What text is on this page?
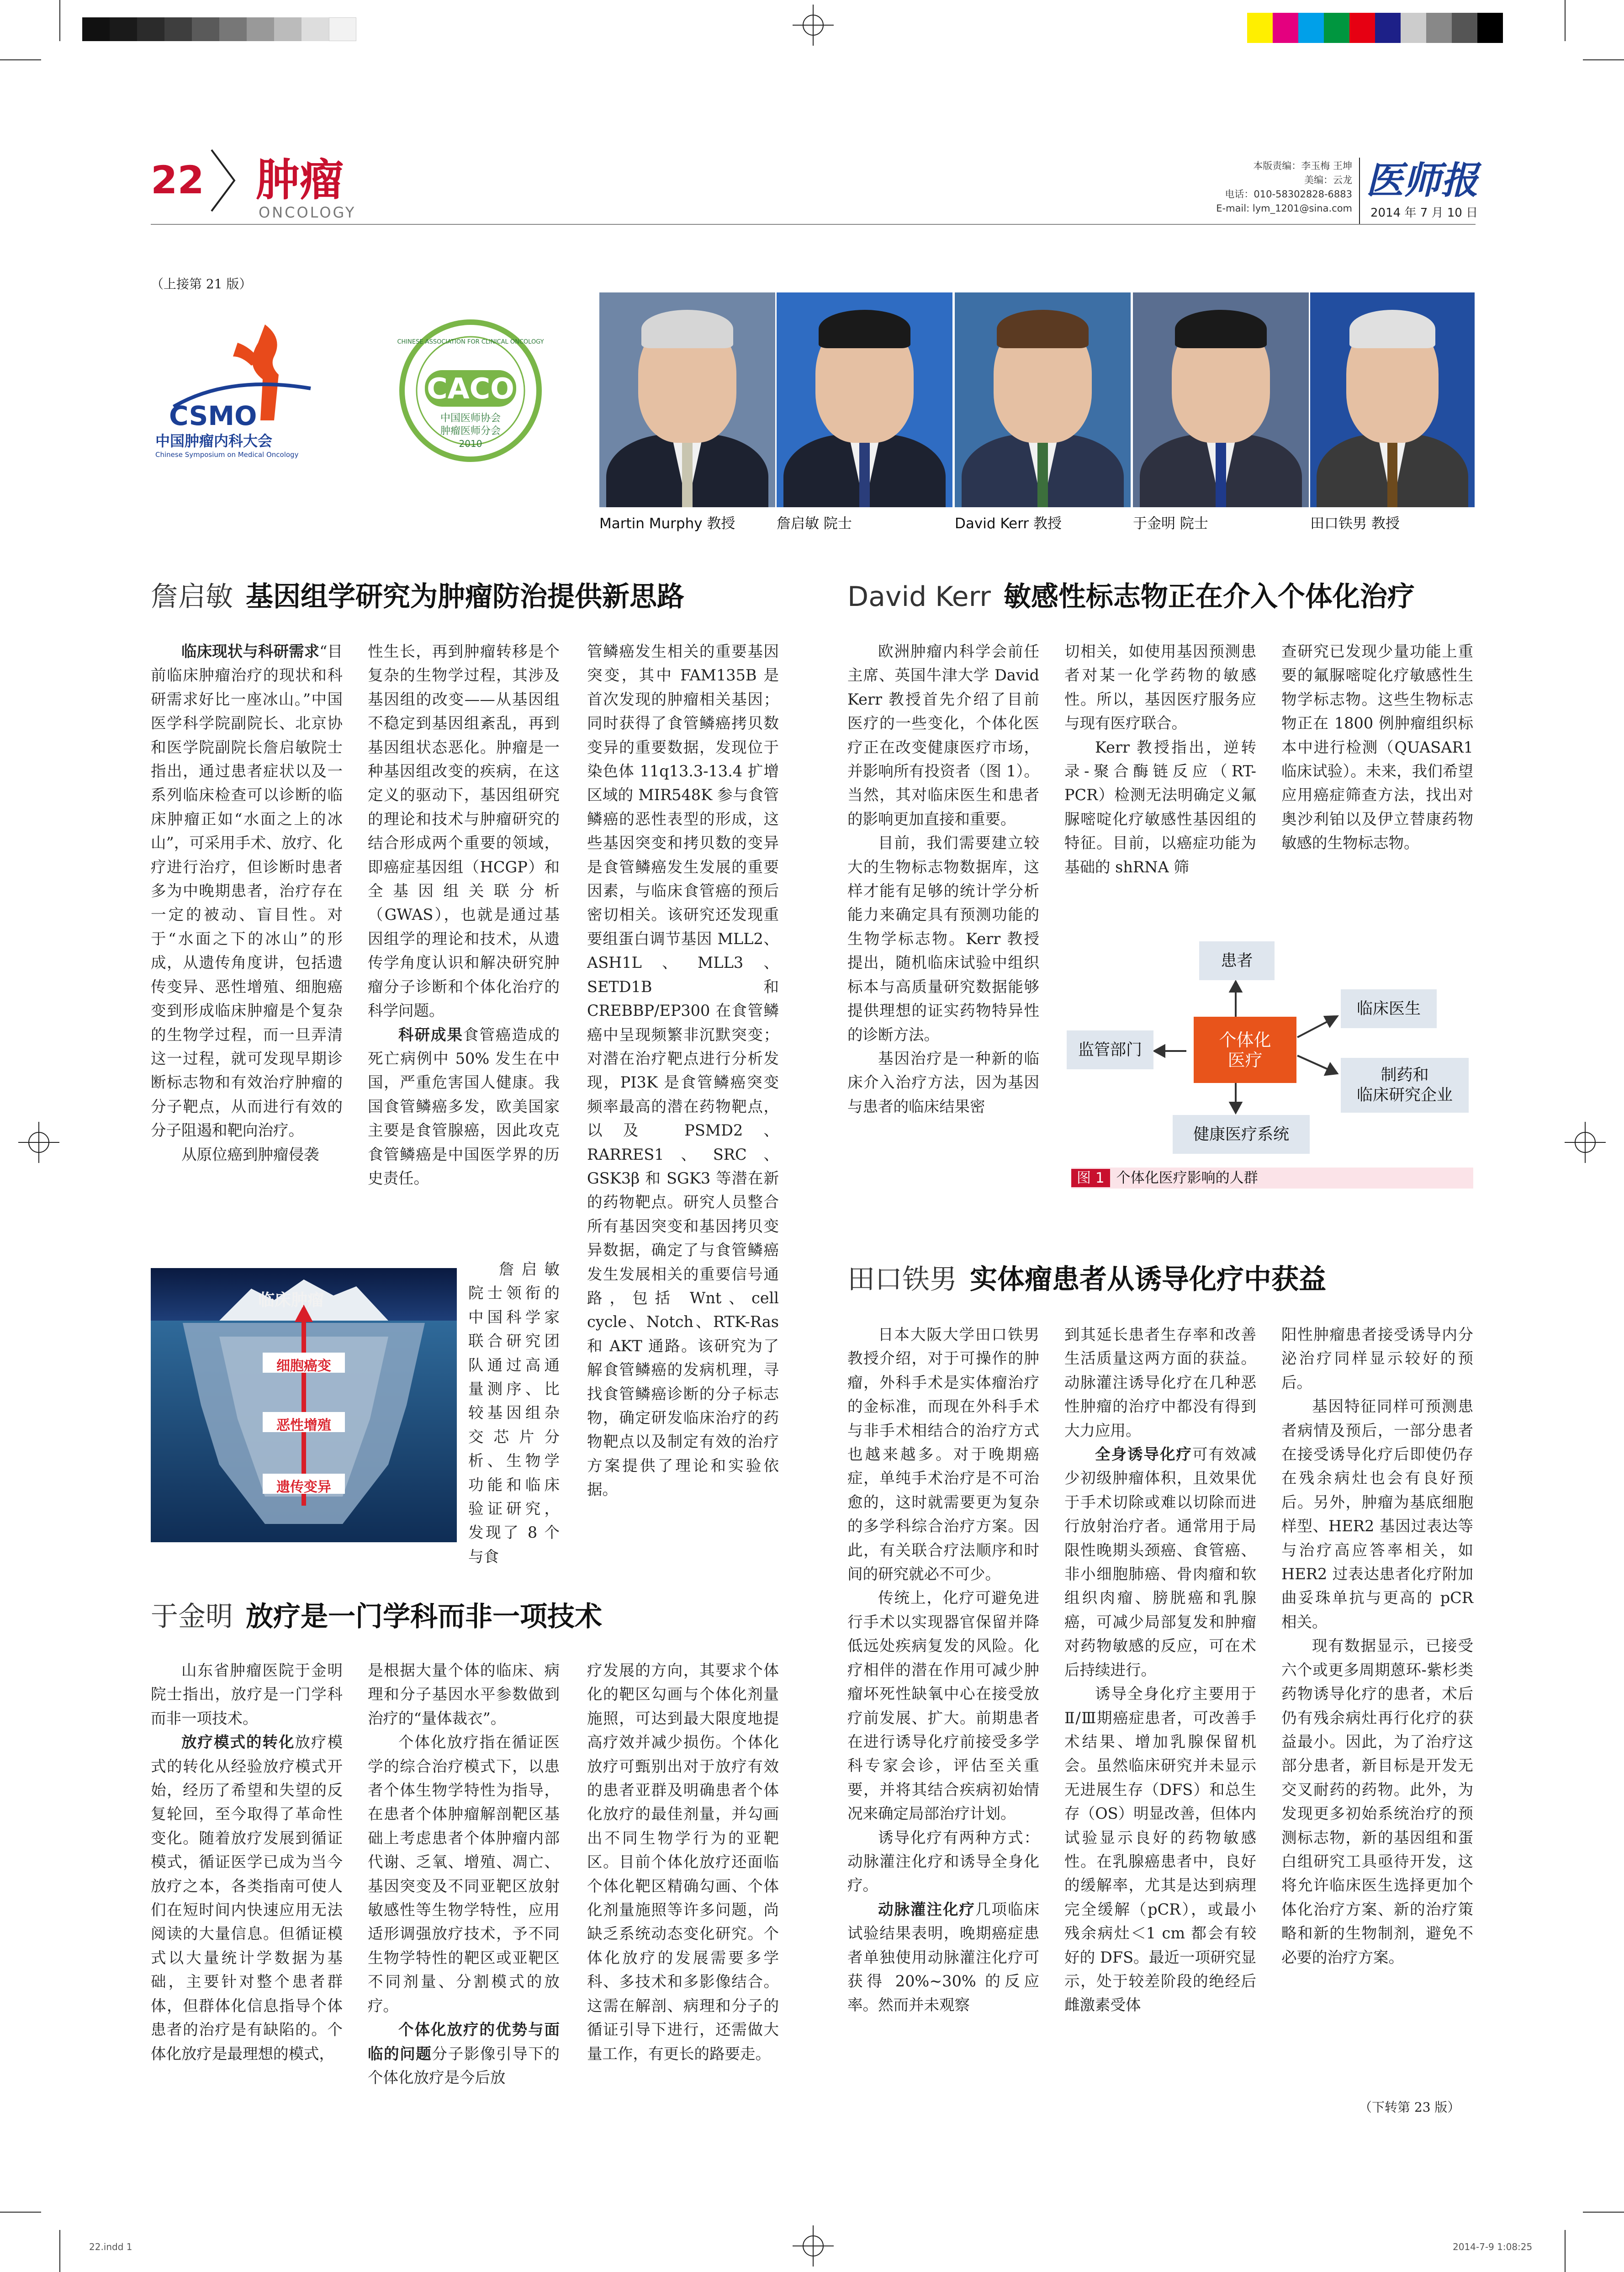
22 肿瘤
ONCOLOGY
本版责编：李玉梅 王坤
美编：云龙
电话：010-58302828-6883
E-mail: lym_1201@sina.com
医师报
2014 年 7 月 10 日
（上接第 21 版）
CSMO
中国肿瘤内科大会
Chinese Symposium on Medical Oncology
CHINESE ASSOCIATION FOR CLINICAL ONCOLOGY
CACO
中国医师协会
肿瘤医师分会
2010
Martin Murphy 教授	詹启敏 院士	David Kerr 教授	于金明 院士	田口铁男 教授
詹启敏 基因组学研究为肿瘤防治提供新思路

临床现状与科研需求“目前临床肿瘤治疗的现状和科研需求好比一座冰山。”中国医学科学院副院长、北京协和医学院副院长詹启敏院士指出，通过患者症状以及一系列临床检查可以诊断的临床肿瘤正如“水面之上的冰山”，可采用手术、放疗、化疗进行治疗，但诊断时患者多为中晚期患者，治疗存在一定的被动、盲目性。对于“水面之下的冰山”的形成，从遗传角度讲，包括遗传变异、恶性增殖、细胞癌变到形成临床肿瘤是个复杂的生物学过程，而一旦弄清这一过程，就可发现早期诊断标志物和有效治疗肿瘤的分子靶点，从而进行有效的分子阻遏和靶向治疗。

从原位癌到肿瘤侵袭

性生长，再到肿瘤转移是个复杂的生物学过程，其涉及基因组的改变——从基因组不稳定到基因组紊乱，再到基因组状态恶化。肿瘤是一种基因组改变的疾病，在这定义的驱动下，基因组研究的理论和技术与肿瘤研究的结合形成两个重要的领域，即癌症基因组（HCGP）和全基因组关联分析（GWAS），也就是通过基因组学的理论和技术，从遗传学角度认识和解决研究肿瘤分子诊断和个体化治疗的科学问题。

科研成果食管癌造成的死亡病例中 50% 发生在中国，严重危害国人健康。我国食管鳞癌多发，欧美国家主要是食管腺癌，因此攻克食管鳞癌是中国医学界的历史责任。

詹启敏院士领衔的中国科学家联合研究团队通过高通量测序、比较基因组杂交芯片分析、生物学功能和临床验证研究，发现了 8 个与食

管鳞癌发生相关的重要基因突变，其中 FAM135B 是首次发现的肿瘤相关基因；同时获得了食管鳞癌拷贝数变异的重要数据，发现位于染色体 11q13.3-13.4 扩增区域的 MIR548K 参与食管鳞癌的恶性表型的形成，这些基因突变和拷贝数的变异是食管鳞癌发生发展的重要因素，与临床食管癌的预后密切相关。该研究还发现重要组蛋白调节基因 MLL2、ASH1L、MLL3、SETD1B 和 CREBBP/EP300 在食管鳞癌中呈现频繁非沉默突变；对潜在治疗靶点进行分析发现，PI3K 是食管鳞癌突变频率最高的潜在药物靶点，以及 PSMD2、RARRES1、SRC、GSK3β 和 SGK3 等潜在新的药物靶点。研究人员整合所有基因突变和基因拷贝变异数据，确定了与食管鳞癌发生发展相关的重要信号通路，包括 Wnt、cell cycle、Notch、RTK-Ras 和 AKT 通路。该研究为了解食管鳞癌的发病机理，寻找食管鳞癌诊断的分子标志物，确定研发临床治疗的药物靶点以及制定有效的治疗方案提供了理论和实验依据。

临床肿瘤
细胞癌变
恶性增殖
遗传变异
于金明 放疗是一门学科而非一项技术

山东省肿瘤医院于金明院士指出，放疗是一门学科而非一项技术。

放疗模式的转化放疗模式的转化从经验放疗模式开始，经历了希望和失望的反复轮回，至今取得了革命性变化。随着放疗发展到循证模式，循证医学已成为当今放疗之本，各类指南可使人们在短时间内快速应用无法阅读的大量信息。但循证模式以大量统计学数据为基础，主要针对整个患者群体，但群体化信息指导个体患者的治疗是有缺陷的。个体化放疗是最理想的模式，

是根据大量个体的临床、病理和分子基因水平参数做到治疗的“量体裁衣”。

个体化放疗指在循证医学的综合治疗模式下，以患者个体生物学特性为指导，在患者个体肿瘤解剖靶区基础上考虑患者个体肿瘤内部代谢、乏氧、增殖、凋亡、基因突变及不同亚靶区放射敏感性等生物学特性，应用适形调强放疗技术，予不同生物学特性的靶区或亚靶区不同剂量、分割模式的放疗。

个体化放疗的优势与面临的问题分子影像引导下的个体化放疗是今后放

疗发展的方向，其要求个体化的靶区勾画与个体化剂量施照，可达到最大限度地提高疗效并减少损伤。个体化放疗可甄别出对于放疗有效的患者亚群及明确患者个体化放疗的最佳剂量，并勾画出不同生物学行为的亚靶区。目前个体化放疗还面临个体化靶区精确勾画、个体化剂量施照等许多问题，尚缺乏系统动态变化研究。个体化放疗的发展需要多学科、多技术和多影像结合。这需在解剖、病理和分子的循证引导下进行，还需做大量工作，有更长的路要走。

David Kerr 敏感性标志物正在介入个体化治疗

欧洲肿瘤内科学会前任主席、英国牛津大学 David Kerr 教授首先介绍了目前医疗的一些变化，个体化医疗正在改变健康医疗市场，并影响所有投资者（图 1）。当然，其对临床医生和患者的影响更加直接和重要。

目前，我们需要建立较大的生物标志物数据库，这样才能有足够的统计学分析能力来确定具有预测功能的生物学标志物。Kerr 教授提出，随机临床试验中组织标本与高质量研究数据能够提供理想的证实药物特异性的诊断方法。

基因治疗是一种新的临床介入治疗方法，因为基因与患者的临床结果密

切相关，如使用基因预测患者对某一化学药物的敏感性。所以，基因医疗服务应与现有医疗联合。

Kerr 教授指出，逆转录-聚合酶链反应（RT-PCR）检测无法明确定义氟脲嘧啶化疗敏感性基因组的特征。目前，以癌症功能为基础的 shRNA 筛

查研究已发现少量功能上重要的氟脲嘧啶化疗敏感性生物学标志物。这些生物标志物正在 1800 例肿瘤组织标本中进行检测（QUASAR1 临床试验）。未来，我们希望应用癌症筛查方法，找出对奥沙利铂以及伊立替康药物敏感的生物标志物。

个体化
医疗
患者
临床医生
制药和
临床研究企业
健康医疗系统
监管部门
图 1 个体化医疗影响的人群
田口铁男 实体瘤患者从诱导化疗中获益

日本大阪大学田口铁男教授介绍，对于可操作的肿瘤，外科手术是实体瘤治疗的金标准，而现在外科手术与非手术相结合的治疗方式也越来越多。对于晚期癌症，单纯手术治疗是不可治愈的，这时就需要更为复杂的多学科综合治疗方案。因此，有关联合疗法顺序和时间的研究就必不可少。

传统上，化疗可避免进行手术以实现器官保留并降低远处疾病复发的风险。化疗相伴的潜在作用可减少肿瘤坏死性缺氧中心在接受放疗前发展、扩大。前期患者在进行诱导化疗前接受多学科专家会诊，评估至关重要，并将其结合疾病初始情况来确定局部治疗计划。

诱导化疗有两种方式：动脉灌注化疗和诱导全身化疗。

动脉灌注化疗几项临床试验结果表明，晚期癌症患者单独使用动脉灌注化疗可获得 20%~30% 的反应率。然而并未观察

到其延长患者生存率和改善生活质量这两方面的获益。动脉灌注诱导化疗在几种恶性肿瘤的治疗中都没有得到大力应用。

全身诱导化疗可有效减少初级肿瘤体积，且效果优于手术切除或难以切除而进行放射治疗者。通常用于局限性晚期头颈癌、食管癌、非小细胞肺癌、骨肉瘤和软组织肉瘤、膀胱癌和乳腺癌，可减少局部复发和肿瘤对药物敏感的反应，可在术后持续进行。

诱导全身化疗主要用于Ⅱ/Ⅲ期癌症患者，可改善手术结果、增加乳腺保留机会。虽然临床研究并未显示无进展生存（DFS）和总生存（OS）明显改善，但体内试验显示良好的药物敏感性。在乳腺癌患者中，良好的缓解率，尤其是达到病理完全缓解（pCR），或最小残余病灶＜1 cm 都会有较好的 DFS。最近一项研究显示，处于较差阶段的绝经后雌激素受体

阳性肿瘤患者接受诱导内分泌治疗同样显示较好的预后。

基因特征同样可预测患者病情及预后，一部分患者在接受诱导化疗后即使仍存在残余病灶也会有良好预后。另外，肿瘤为基底细胞样型、HER2 基因过表达等与治疗高应答率相关，如 HER2 过表达患者化疗附加曲妥珠单抗与更高的 pCR 相关。

现有数据显示，已接受六个或更多周期蒽环-紫杉类药物诱导化疗的患者，术后仍有残余病灶再行化疗的获益最小。因此，为了治疗这部分患者，新目标是开发无交叉耐药的药物。此外，为发现更多初始系统治疗的预测标志物，新的基因组和蛋白组研究工具亟待开发，这将允许临床医生选择更加个体化治疗方案、新的治疗策略和新的生物制剂，避免不必要的治疗方案。

（下转第 23 版）
22.indd 1	2014-7-9 1:08:25
